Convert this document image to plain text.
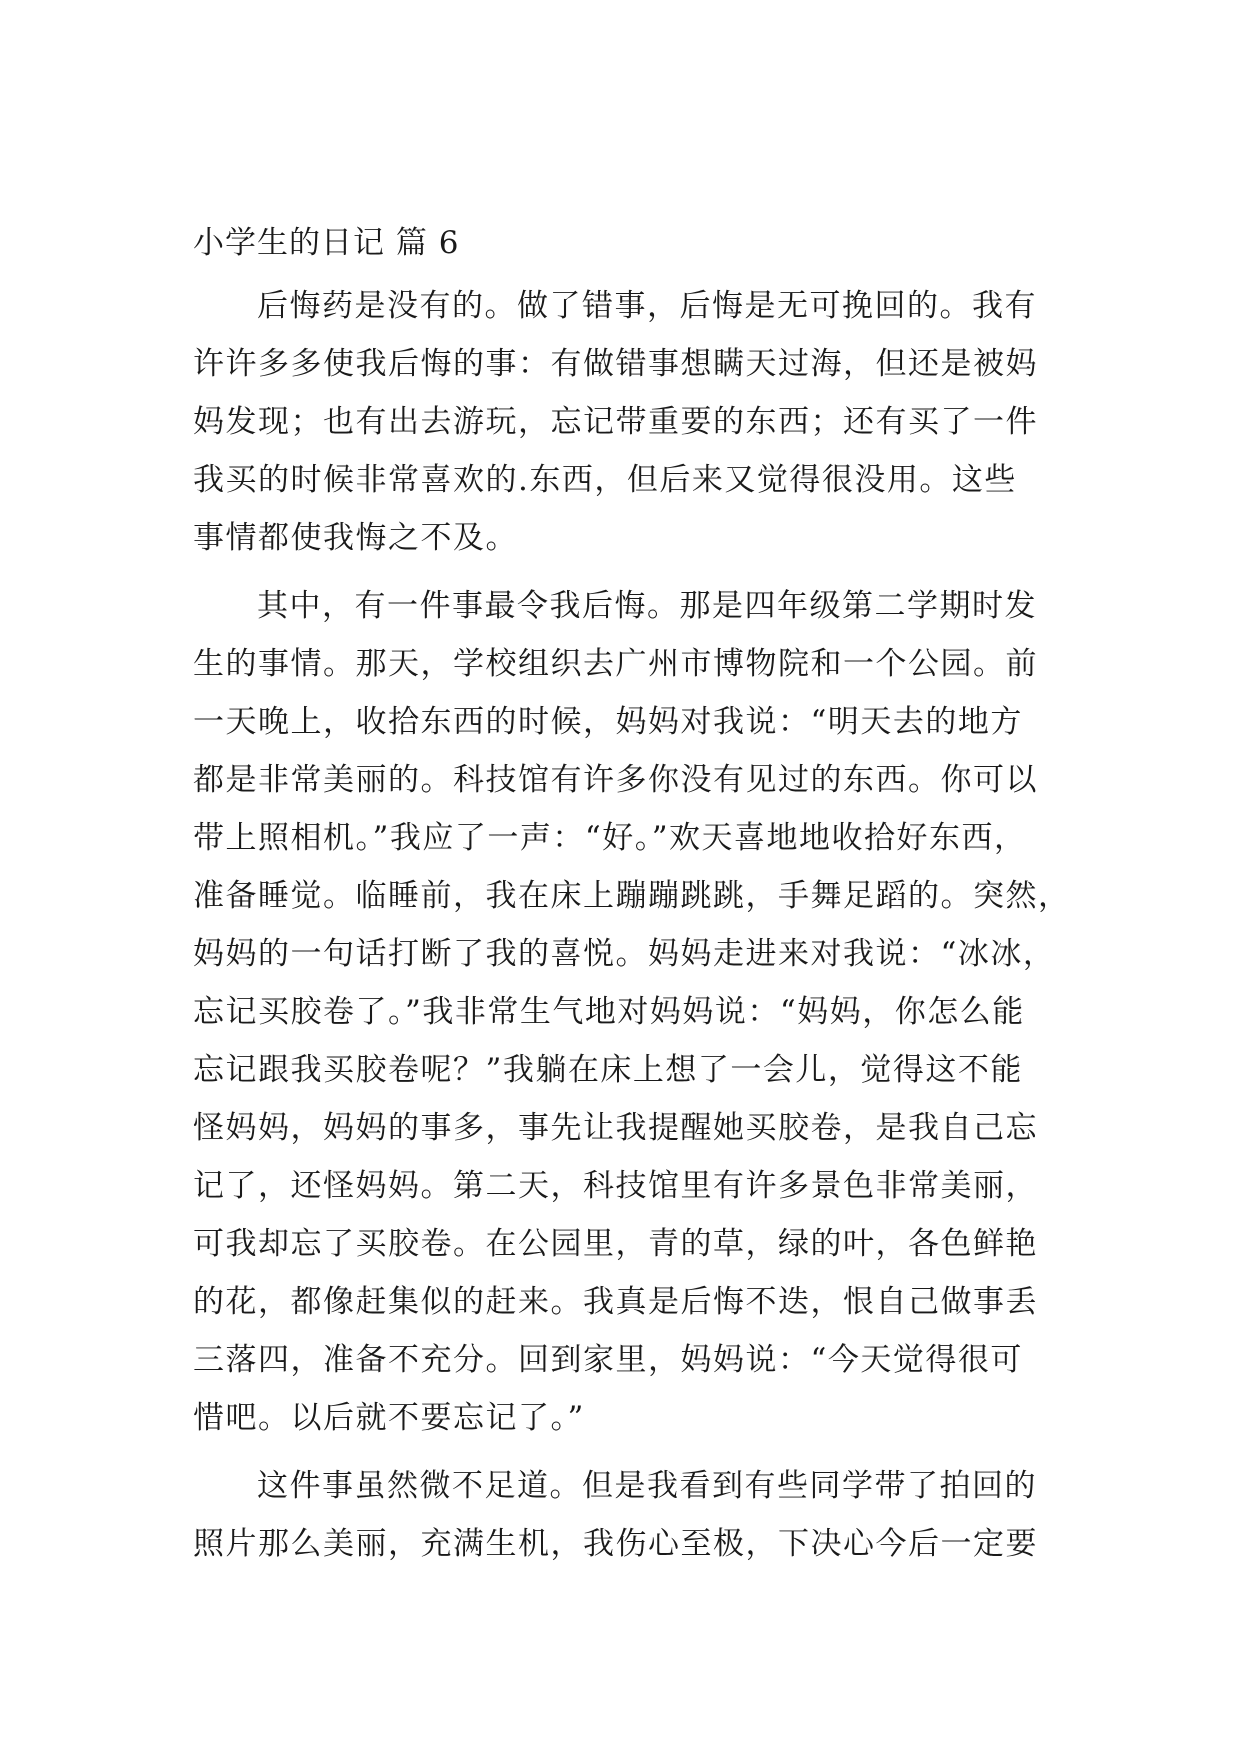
小学生的日记 篇 6
后悔药是没有的。做了错事，后悔是无可挽回的。我有
许许多多使我后悔的事：有做错事想瞒天过海，但还是被妈
妈发现；也有出去游玩，忘记带重要的东西；还有买了一件
我买的时候非常喜欢的.东西，但后来又觉得很没用。这些
事情都使我悔之不及。
其中，有一件事最令我后悔。那是四年级第二学期时发
生的事情。那天，学校组织去广州市博物院和一个公园。前
一天晚上，收拾东西的时候，妈妈对我说：“明天去的地方
都是非常美丽的。科技馆有许多你没有见过的东西。你可以
带上照相机。”我应了一声：“好。”欢天喜地地收拾好东西，
准备睡觉。临睡前，我在床上蹦蹦跳跳，手舞足蹈的。突然，
妈妈的一句话打断了我的喜悦。妈妈走进来对我说：“冰冰，
忘记买胶卷了。”我非常生气地对妈妈说：“妈妈，你怎么能
忘记跟我买胶卷呢？”我躺在床上想了一会儿，觉得这不能
怪妈妈，妈妈的事多，事先让我提醒她买胶卷，是我自己忘
记了，还怪妈妈。第二天，科技馆里有许多景色非常美丽，
可我却忘了买胶卷。在公园里，青的草，绿的叶，各色鲜艳
的花，都像赶集似的赶来。我真是后悔不迭，恨自己做事丢
三落四，准备不充分。回到家里，妈妈说：“今天觉得很可
惜吧。以后就不要忘记了。”
这件事虽然微不足道。但是我看到有些同学带了拍回的
照片那么美丽，充满生机，我伤心至极，下决心今后一定要
